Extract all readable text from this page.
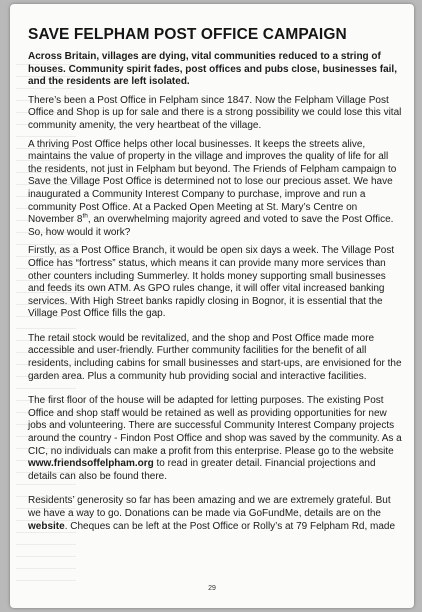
SAVE FELPHAM POST OFFICE CAMPAIGN

Across Britain, villages are dying, vital communities reduced to a string of houses. Community spirit fades, post offices and pubs close, businesses fail, and the residents are left isolated.

There’s been a Post Office in Felpham since 1847. Now the Felpham Village Post Office and Shop is up for sale and there is a strong possibility we could lose this vital community amenity, the very heartbeat of the village.

A thriving Post Office helps other local businesses. It keeps the streets alive, maintains the value of property in the village and improves the quality of life for all the residents, not just in Felpham but beyond. The Friends of Felpham campaign to Save the Village Post Office is determined not to lose our precious asset. We have inaugurated a Community Interest Company to purchase, improve and run a community Post Office. At a Packed Open Meeting at St. Mary’s Centre on November 8th, an overwhelming majority agreed and voted to save the Post Office. So, how would it work?

Firstly, as a Post Office Branch, it would be open six days a week. The Village Post Office has “fortress” status, which means it can provide many more services than other counters including Summerley. It holds money supporting small businesses and feeds its own ATM. As GPO rules change, it will offer vital increased banking services. With High Street banks rapidly closing in Bognor, it is essential that the Village Post Office fills the gap.

The retail stock would be revitalized, and the shop and Post Office made more accessible and user-friendly. Further community facilities for the benefit of all residents, including cabins for small businesses and start-ups, are envisioned for the garden area. Plus a community hub providing social and interactive facilities.

The first floor of the house will be adapted for letting purposes. The existing Post Office and shop staff would be retained as well as providing opportunities for new jobs and volunteering. There are successful Community Interest Company projects around the country - Findon Post Office and shop was saved by the community. As a CIC, no individuals can make a profit from this enterprise. Please go to the website www.friendsoffelpham.org to read in greater detail. Financial projections and details can also be found there.

Residents’ generosity so far has been amazing and we are extremely grateful. But we have a way to go. Donations can be made via GoFundMe, details are on the website. Cheques can be left at the Post Office or Rolly’s at 79 Felpham Rd, made

29
